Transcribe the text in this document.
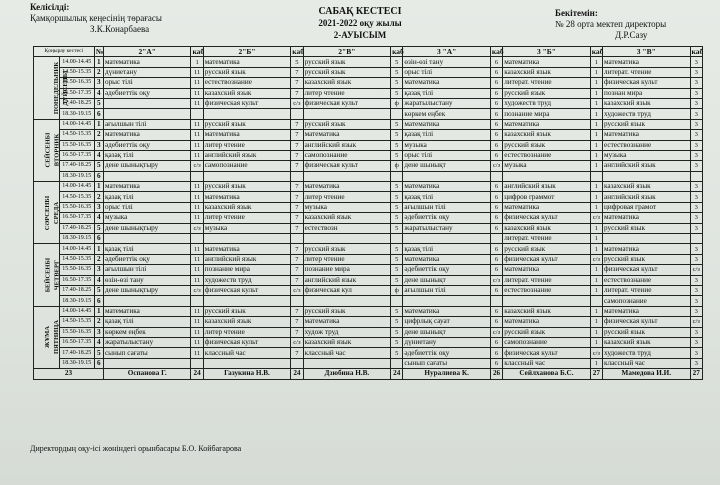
Келісілді:
Қамқоршылық кеңесінің төрағасы
З.К.Конарбаева
Бекітемін:
№ 28 орта мектеп директоры
Д.Р.Сазу
САБАҚ КЕСТЕСІ
2021-2022 оқу жылы
2-АУЫСЫМ
Қоңырау кестесі		№	2"А"	каб	2"Б"	каб	2"В"	каб	3 "А"	каб	3 "Б"	каб	3 "В"	каб
ПОНЕДЕЛЬНИК
ДҮЙСЕНБІ	14.00-14.45	1	математика	1	математика	5	русский язык	5	өзін-өзі тану	6	математика	1	математика	3
	14.50-15.35	2	дүниетану	11	русский язык	7	русский язык	5	орыс тілі	6	казахский язык	1	литерат. чтение	3
	15.50-16.35	3	орыс тілі	11	естествознание	7	казахский язык	5	математика	6	литерат. чтение	1	физическая культ	3
	16.50-17.35	4	әдебиеттік оқу	11	казахский язык	7	литер чтение	5	қазақ тілі	6	русский язык	1	познан мира	3
	17.40-18.25	5		11	физическая культ	с/з	физическая культ	ф	жаратылыстану	6	художеств труд	1	казахский язык	3
	18.30-19.15	6							көркем еңбек	6	познание мира	1	художеств труд	3
СЕЙСЕНБІ
ВТОРНИК	14.00-14.45	1	ағылшын тілі	11	русский язык	7	русский язык	5	математика	6	математика	1	русский язык	3
	14.50-15.35	2	математика	11	математика	7	математика	5	қазақ тілі	6	казахский язык	1	математика	3
	15.50-16.35	3	әдебиеттік оқу	11	литер чтение	7	английский язык	5	музыка	6	русский язык	1	естествознание	3
	16.50-17.35	4	қазақ тілі	11	английский язык	7	самопознание	5	орыс тілі	6	естествознание	1	музыка	3
	17.40-18.25	5	дене шынықтыру	с/з	самопознание	7	физическая культ	ф	дене шынықт	с/з	музыка	1	английский язык	3
	18.30-19.15	6												
СӘРСЕНБІ
СРЕДА	14.00-14.45	1	математика	11	русский язык	7	математика	5	математика	6	английский язык	1	казахский язык	3
	14.50-15.35	2	қазақ тілі	11	математика	7	литер чтение	5	қазақ тілі	6	цифров граммот	1	английский язык	3
	15.50-16.35	3	орыс тілі	11	казахский язык	7	музыка	5	ағылшын тілі	6	математика	1	цифровая грамот	3
	16.50-17.35	4	музыка	11	литер чтение	7	казахский язык	5	әдебиеттік оқу	6	физическая культ	с/з	математика	3
	17.40-18.25	5	дене шынықтыру	с/з	музыка	7	естествозн	5	жаратылыстану	6	казахский язык	1	русский язык	3
	18.30-19.15	6									литерат. чтение	1		
БЕЙСЕНБІ
ЧЕТВЕРГ	14.00-14.45	1	қазақ тілі	11	математика	7	русский язык	5	қазақ тілі	6	русский язык	1	математика	3
	14.50-15.35	2	әдебиеттік оқу	11	английский язык	7	литер чтение	5	математика	6	физическая культ	с/з	русский язык	3
	15.50-16.35	3	ағылшын тілі	11	познание мира	7	познание мира	5	әдебиеттік оқу	6	математика	1	физическая культ	с/з
	16.50-17.35	4	өзін-өзі тану	11	художеств труд	7	английский язык	5	дене шынықт	с/з	литерат. чтение	1	естествознание	3
	17.40-18.25	5	дене шынықтыру	с/з	физическая культ	с/з	физическая кул	ф	ағылшын тілі	6	естествознание	1	литерат. чтение	3
	18.30-19.15	6											самопознание	3
ЖҰМА
ПЯТНИЦА	14.00-14.45	1	математика	11	русский язык	7	русский язык	5	математика	6	казахский язык	1	математика	3
	14.50-15.35	2	қазақ тілі	11	казахский язык	7	математика	5	цифрлық сауат	6	математика	1	физическая культ	с/з
	15.50-16.35	3	көркем еңбек	11	литер чтение	7	худож труд	5	дене шынықт	с/з	русский язык	1	русский язык	3
	16.50-17.35	4	жаратылыстану	11	физическая культ	с/з	казахский язык	5	дүниетану	6	самопознание	1	казахский язык	3
	17.40-18.25	5	сынып сағаты	11	классный час	7	классный час	5	әдебиеттік оқу	6	физическая культ	с/з	художеств труд	3
	18.30-19.15	6							сынып сағаты	6	классный час	1	классный час	3
23			Оспанова Г.	24	Газукина Н.В.	24	Дзюбина Н.В.	24	Нуралиева К.	26	Сейлханова Б.С.	27	Мамедова И.И.	27
Директордың оқу-ісі жөніндегі орынбасары Б.О. Койбагарова
